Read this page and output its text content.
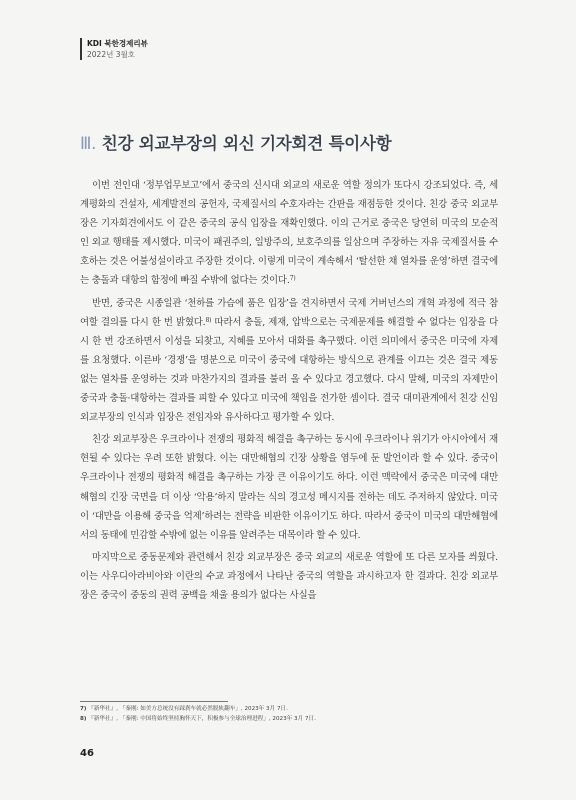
KDI 북한경제리뷰
2022년 3월호
Ⅲ. 친강 외교부장의 외신 기자회견 특이사항

이번 전인대 ‘정부업무보고’에서 중국의 신시대 외교의 새로운 역할 정의가 또다시 강조되었다. 즉, 세계평화의 건설자, 세계발전의 공헌자, 국제질서의 수호자라는 간판을 재점등한 것이다. 친강 중국 외교부장은 기자회견에서도 이 같은 중국의 공식 입장을 재확인했다. 이의 근거로 중국은 당연히 미국의 모순적인 외교 행태를 제시했다. 미국이 패권주의, 일방주의, 보호주의를 일삼으며 주장하는 자유 국제질서를 수호하는 것은 어불성설이라고 주장한 것이다. 이렇게 미국이 계속해서 ‘탈선한 채 열차를 운영’하면 결국에는 충돌과 대항의 함정에 빠질 수밖에 없다는 것이다.$^{7)}$

반면, 중국은 시종일관 ‘천하를 가슴에 품은 입장’을 견지하면서 국제 거버넌스의 개혁 과정에 적극 참여할 결의를 다시 한 번 밝혔다.$^{8)}$ 따라서 충돌, 제재, 압박으로는 국제문제를 해결할 수 없다는 입장을 다시 한 번 강조하면서 이성을 되찾고, 지혜를 모아서 대화를 촉구했다. 이런 의미에서 중국은 미국에 자제를 요청했다. 이른바 ‘경쟁’을 명분으로 미국이 중국에 대항하는 방식으로 관계를 이끄는 것은 결국 제동 없는 열차를 운영하는 것과 마찬가지의 결과를 불러 올 수 있다고 경고했다. 다시 말해, 미국의 자제만이 중국과 충돌·대항하는 결과를 피할 수 있다고 미국에 책임을 전가한 셈이다. 결국 대미관계에서 친강 신임 외교부장의 인식과 입장은 전임자와 유사하다고 평가할 수 있다.

친강 외교부장은 우크라이나 전쟁의 평화적 해결을 촉구하는 동시에 우크라이나 위기가 아시아에서 재현될 수 있다는 우려 또한 밝혔다. 이는 대만해협의 긴장 상황을 염두에 둔 발언이라 할 수 있다. 중국이 우크라이나 전쟁의 평화적 해결을 촉구하는 가장 큰 이유이기도 하다. 이런 맥락에서 중국은 미국에 대만해협의 긴장 국면을 더 이상 ‘악용’하지 말라는 식의 경고성 메시지를 전하는 데도 주저하지 않았다. 미국이 ‘대만을 이용해 중국을 억제’하려는 전략을 비판한 이유이기도 하다. 따라서 중국이 미국의 대만해협에서의 동태에 민감할 수밖에 없는 이유를 알려주는 대목이라 할 수 있다.

마지막으로 중동문제와 관련해서 친강 외교부장은 중국 외교의 새로운 역할에 또 다른 모자를 씌웠다. 이는 사우디아라비아와 이란의 수교 과정에서 나타난 중국의 역할을 과시하고자 한 결과다. 친강 외교부장은 중국이 중동의 권력 공백을 채울 용의가 없다는 사실을

7) 『新华社』, 「秦刚: 如美方总统没有踩刹车就必然脱轨翻车」, 2023年 3月 7日.
8) 『新华社』, 「秦刚: 中国将始终坚持胸怀天下，积极参与全球治理进程」, 2023年 3月 7日.
46
